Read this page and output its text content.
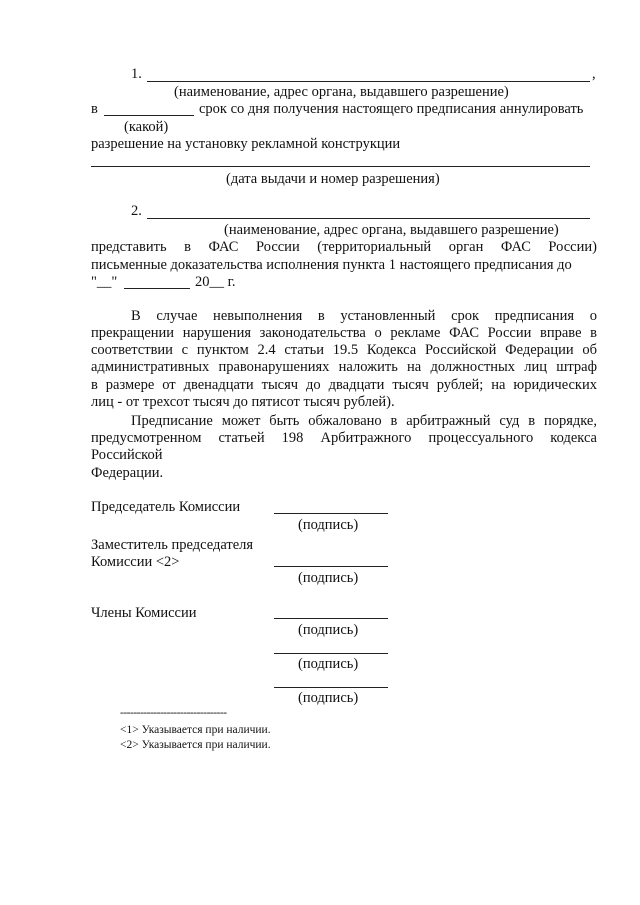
1.	,
(наименование, адрес органа, выдавшего разрешение)
в	срок со дня получения настоящего предписания аннулировать
(какой)
разрешение на установку рекламной конструкции
(дата выдачи и номер разрешения)
2.
(наименование, адрес органа, выдавшего разрешение)
представить в ФАС России (территориальный орган ФАС России)
письменные доказательства исполнения пункта 1 настоящего предписания до
"__"	20__ г.
В случае невыполнения в установленный срок предписания о
прекращении нарушения законодательства о рекламе ФАС России вправе в
соответствии с пунктом 2.4 статьи 19.5 Кодекса Российской Федерации об
административных правонарушениях наложить на должностных лиц штраф
в размере от двенадцати тысяч до двадцати тысяч рублей; на юридических
лиц - от трехсот тысяч до пятисот тысяч рублей).
Предписание может быть обжаловано в арбитражный суд в порядке,
предусмотренном статьей 198 Арбитражного процессуального кодекса
Российской
Федерации.
Председатель Комиссии
(подпись)
Заместитель председателя
Комиссии <2>
(подпись)
Члены Комиссии
(подпись)
(подпись)
(подпись)
--------------------------------
<1> Указывается при наличии.
<2> Указывается при наличии.
